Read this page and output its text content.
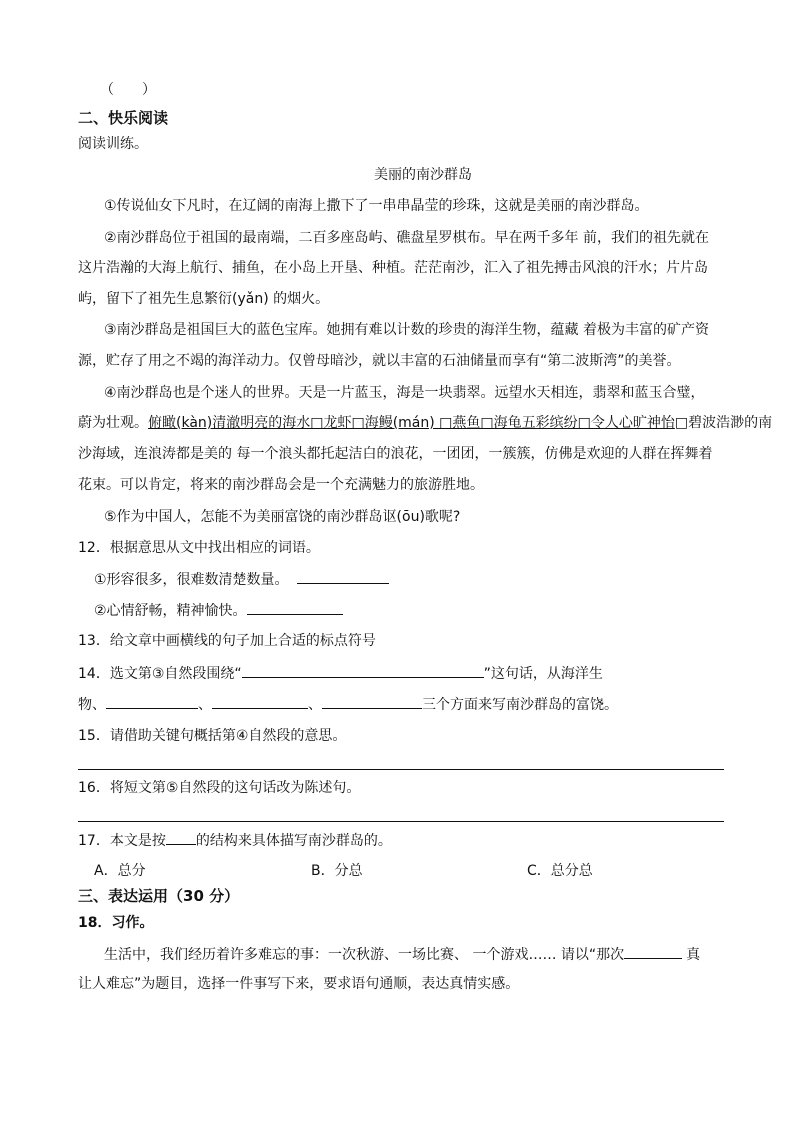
（　　）
二、快乐阅读
阅读训练。
美丽的南沙群岛
①传说仙女下凡时，在辽阔的南海上撒下了一串串晶莹的珍珠，这就是美丽的南沙群岛。
②南沙群岛位于祖国的最南端，二百多座岛屿、礁盘星罗棋布。早在两千多年 前，我们的祖先就在
这片浩瀚的大海上航行、捕鱼，在小岛上开垦、种植。茫茫南沙，汇入了祖先搏击风浪的汗水；片片岛
屿，留下了祖先生息繁衍(yǎn) 的烟火。
③南沙群岛是祖国巨大的蓝色宝库。她拥有难以计数的珍贵的海洋生物，蕴藏 着极为丰富的矿产资
源，贮存了用之不竭的海洋动力。仅曾母暗沙，就以丰富的石油储量而享有“第二波斯湾”的美誉。
④南沙群岛也是个迷人的世界。天是一片蓝玉，海是一块翡翠。远望水天相连，翡翠和蓝玉合璧，
蔚为壮观。俯瞰(kàn)清澈明亮的海水□龙虾□海鳗(mán) □燕鱼□海龟五彩缤纷□令人心旷神怡□碧波浩渺的南
沙海域，连浪涛都是美的 每一个浪头都托起洁白的浪花，一团团，一簇簇，仿佛是欢迎的人群在挥舞着
花束。可以肯定，将来的南沙群岛会是一个充满魅力的旅游胜地。
⑤作为中国人，怎能不为美丽富饶的南沙群岛讴(ōu)歌呢?
12．根据意思从文中找出相应的词语。
①形容很多，很难数清楚数量。
②心情舒畅，精神愉快。
13．给文章中画横线的句子加上合适的标点符号
14．选文第③自然段围绕“	”这句话，从海洋生
物、	、	、	三个方面来写南沙群岛的富饶。
15．请借助关键句概括第④自然段的意思。
16．将短文第⑤自然段的这句话改为陈述句。
17．本文是按 的结构来具体描写南沙群岛的。
A．总分	B．分总	C．总分总
三、表达运用（30 分）
18．习作。
生活中，我们经历着许多难忘的事：一次秋游、一场比赛、 一个游戏…… 请以“那次	真
让人难忘”为题目，选择一件事写下来，要求语句通顺，表达真情实感。
